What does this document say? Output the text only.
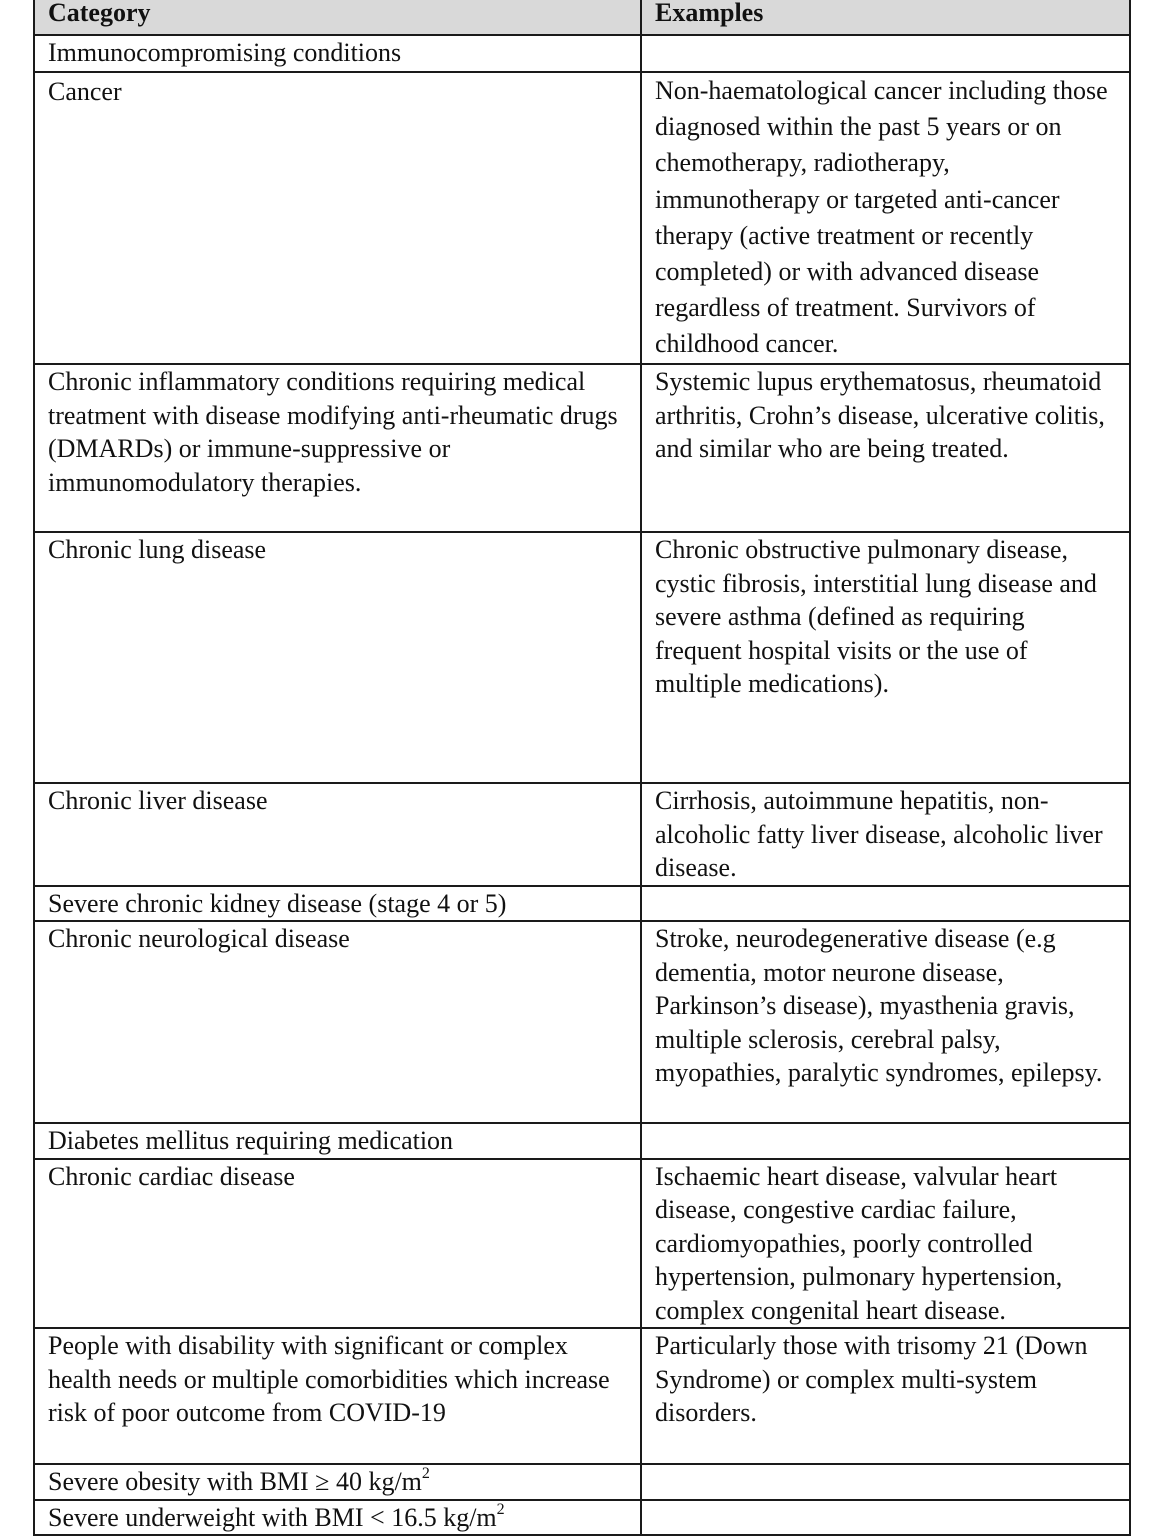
Category	Examples
Immunocompromising conditions	

Cancer	Non-haematological cancer including those diagnosed within the past 5 years or on chemotherapy, radiotherapy, immunotherapy or targeted anti-cancer therapy (active treatment or recently completed) or with advanced disease regardless of treatment. Survivors of childhood cancer.

Chronic inflammatory conditions requiring medical treatment with disease modifying anti-rheumatic drugs (DMARDs) or immune-suppressive or immunomodulatory therapies.	Systemic lupus erythematosus, rheumatoid arthritis, Crohn’s disease, ulcerative colitis, and similar who are being treated.

Chronic lung disease	Chronic obstructive pulmonary disease, cystic fibrosis, interstitial lung disease and severe asthma (defined as requiring frequent hospital visits or the use of multiple medications).

Chronic liver disease	Cirrhosis, autoimmune hepatitis, non-alcoholic fatty liver disease, alcoholic liver disease.

Severe chronic kidney disease (stage 4 or 5)	

Chronic neurological disease	Stroke, neurodegenerative disease (e.g dementia, motor neurone disease, Parkinson’s disease), myasthenia gravis, multiple sclerosis, cerebral palsy, myopathies, paralytic syndromes, epilepsy.

Diabetes mellitus requiring medication	

Chronic cardiac disease	Ischaemic heart disease, valvular heart disease, congestive cardiac failure, cardiomyopathies, poorly controlled hypertension, pulmonary hypertension, complex congenital heart disease.

People with disability with significant or complex health needs or multiple comorbidities which increase risk of poor outcome from COVID-19	Particularly those with trisomy 21 (Down Syndrome) or complex multi-system disorders.

Severe obesity with BMI ≥ 40 $kg/m^2$	
Severe underweight with BMI < 16.5 $kg/m^2$	
